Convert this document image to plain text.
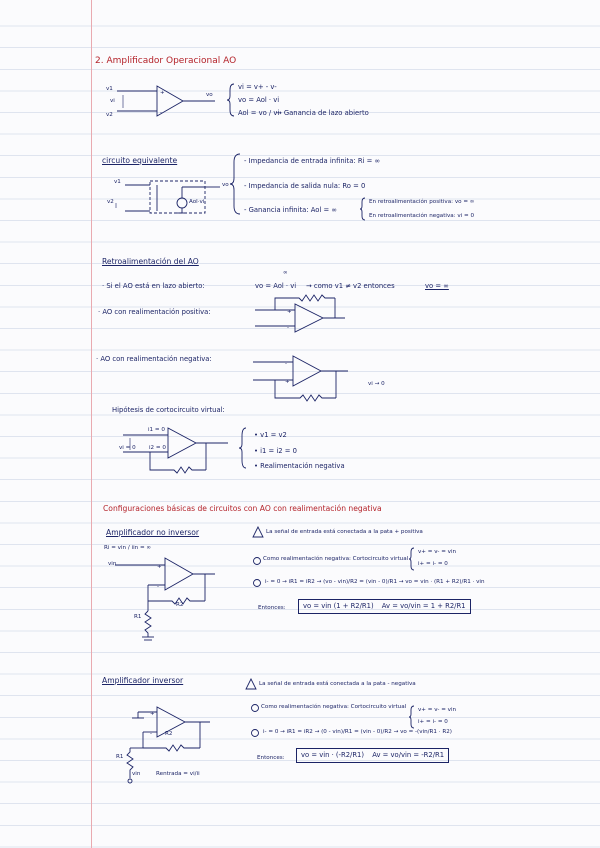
+
-
+
-
-
+
+
-
+
-
2. Amplificador Operacional AO
v1
vi
v2
vo
vi = v+ - v-
vo = Aol · vi
Aol = vo / vi
→ Ganancia de lazo abierto
circuito equivalente
v1
v2
vo
Aol·vi
- Impedancia de entrada infinita: Ri = ∞
- Impedancia de salida nula: Ro = 0
- Ganancia infinita: Aol = ∞
En retroalimentación positiva: vo = ∞
En retroalimentación negativa: vi = 0
Retroalimentación del AO
∞
· Si el AO está en lazo abierto:	vo = Aol · vi → como v1 ≠ v2 entonces	vo = ∞
· AO con realimentación positiva:
· AO con realimentación negativa:
vi → 0
Hipótesis de cortocircuito virtual:
i1 = 0
vi = 0 i2 = 0
• v1 = v2
• i1 = i2 = 0
• Realimentación negativa
Configuraciones básicas de circuitos con AO con realimentación negativa
Amplificador no inversor
Ri = vin / iin = ∞
vin
R2
R1
La señal de entrada está conectada a la pata + positiva
Como realimentación negativa: Cortocircuito virtual
v+ = v- = vin
i+ = i- = 0
i- = 0 → iR1 = iR2 → (vo - vin)/R2 = (vin - 0)/R1 → vo = vin · (R1 + R2)/R1 · vin
Entonces:	vo = vin (1 + R2/R1) Av = vo/vin = 1 + R2/R1
Amplificador inversor
R2
R1
vin	Rentrada = vi/ii
La señal de entrada está conectada a la pata - negativa
Como realimentación negativa: Cortocircuito virtual v+ = v- = vin
i+ = i- = 0
i- = 0 → iR1 = iR2 → (0 - vin)/R1 = (vin - 0)/R2 → vo = -(vin/R1 · R2)
Entonces:	vo = vin · (-R2/R1) Av = vo/vin = -R2/R1
